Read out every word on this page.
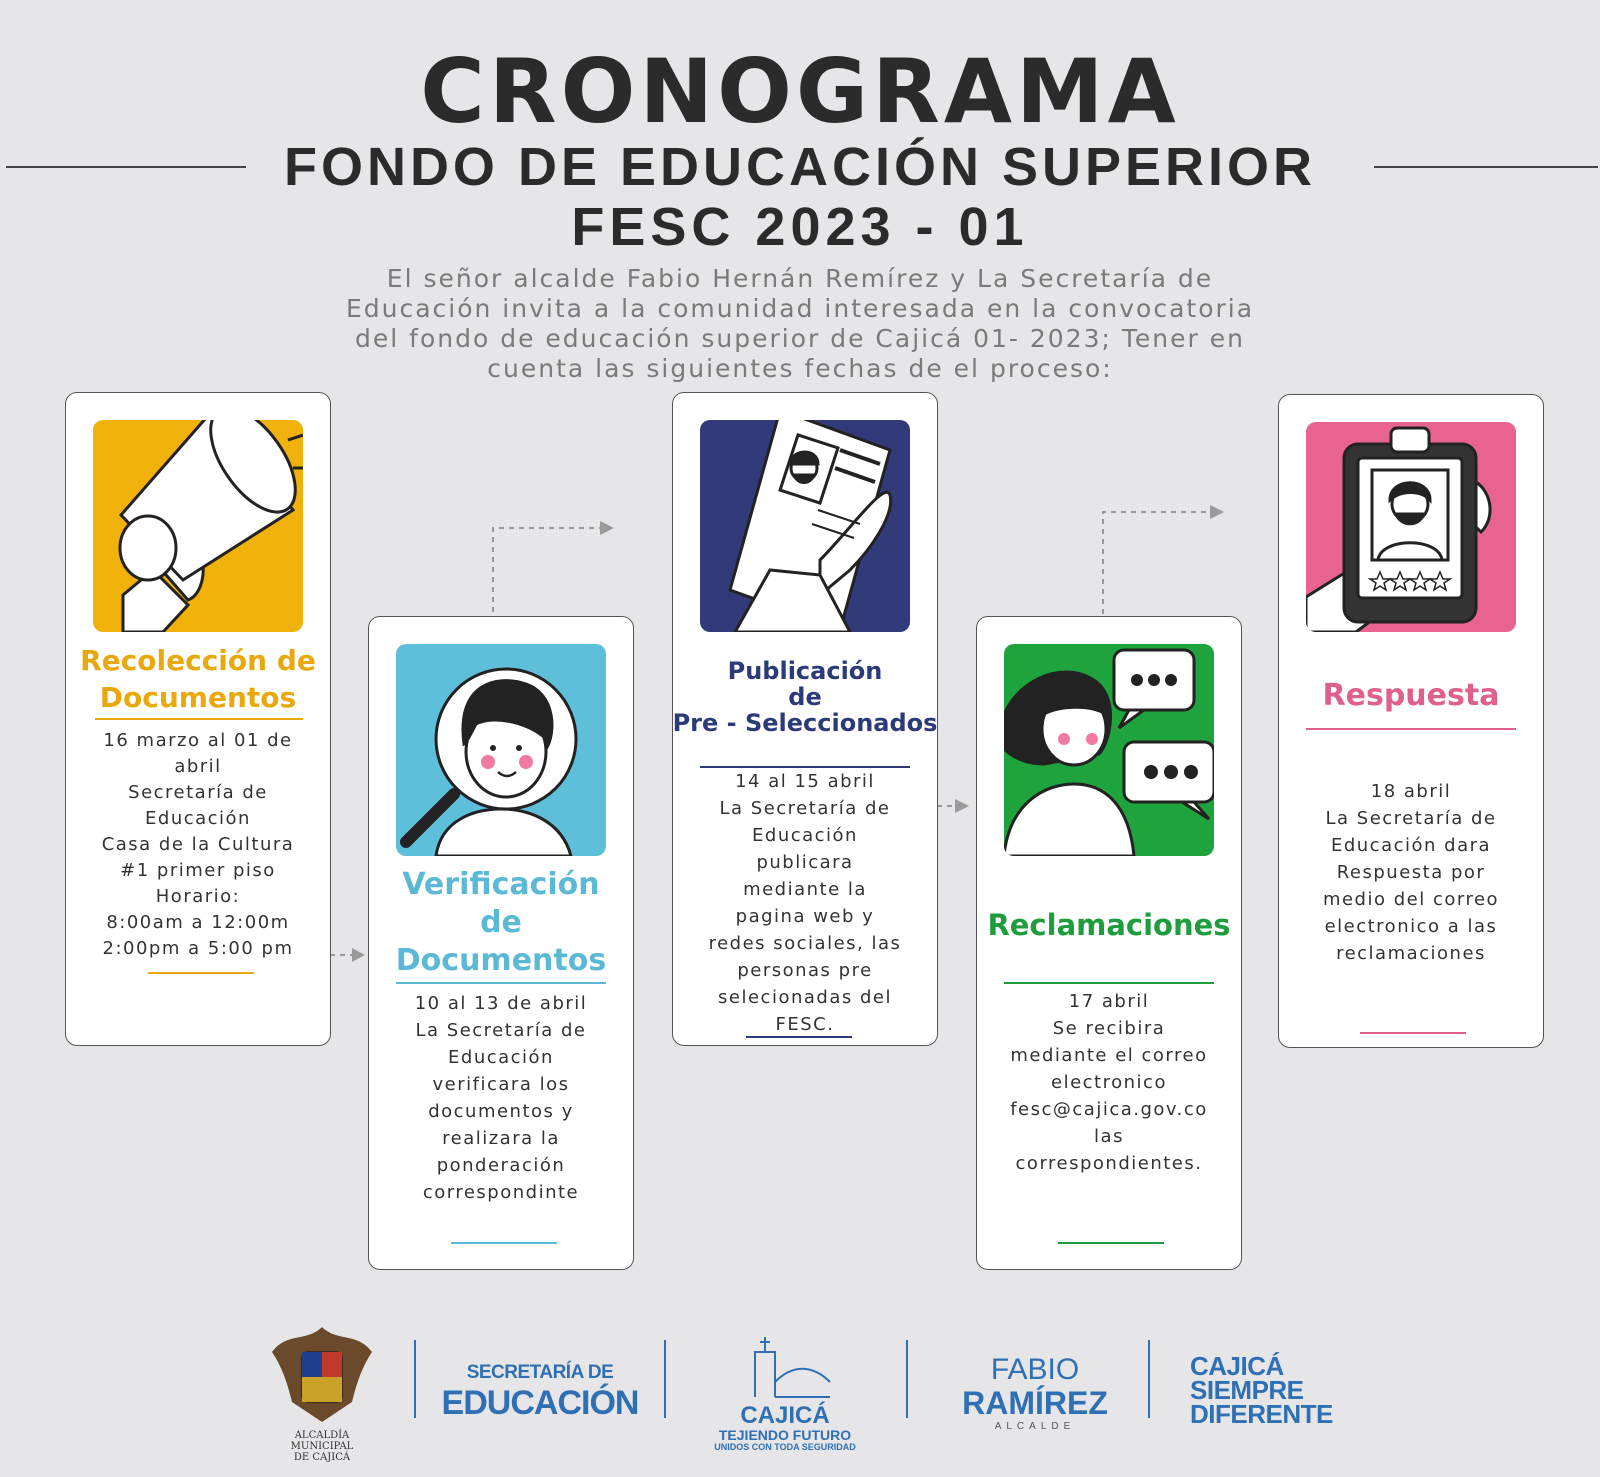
CRONOGRAMA
FONDO DE EDUCACIÓN SUPERIOR
FESC 2023 - 01
El señor alcalde Fabio Hernán Remírez y La Secretaría de
Educación invita a la comunidad interesada en la convocatoria
del fondo de educación superior de Cajicá 01- 2023; Tener en
cuenta las siguientes fechas de el proceso:
Recolección de
Documentos
16 marzo al 01 de
abril
Secretaría de
Educación
Casa de la Cultura
#1 primer piso
Horario:
8:00am a 12:00m
2:00pm a 5:00 pm
Verificación
de
Documentos
10 al 13 de abril
La Secretaría de
Educación
verificara los
documentos y
realizara la
ponderación
correspondinte
Publicación
de
Pre - Seleccionados
14 al 15 abril
La Secretaría de
Educación
publicara
mediante la
pagina web y
redes sociales, las
personas pre
selecionadas del
FESC.
Reclamaciones
17 abril
Se recibira
mediante el correo
electronico
fesc@cajica.gov.co
las
correspondientes.
Respuesta
18 abril
La Secretaría de
Educación dara
Respuesta por
medio del correo
electronico a las
reclamaciones
ALCALDÍA MUNICIPAL
DE CAJICÁ
SECRETARÍA DE
EDUCACIÓN	CAJICÁ
TEJIENDO FUTURO
UNIDOS CON TODA SEGURIDAD
FABIO
RAMÍREZ
ALCALDE
CAJICÁ
SIEMPRE
DIFERENTE
